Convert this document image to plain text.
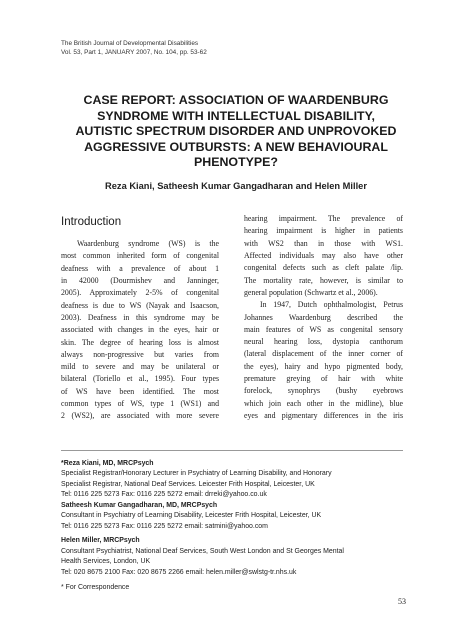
The British Journal of Developmental Disabilities
Vol. 53, Part 1, JANUARY 2007, No. 104, pp. 53-62
CASE REPORT: ASSOCIATION OF WAARDENBURG
SYNDROME WITH INTELLECTUAL DISABILITY,
AUTISTIC SPECTRUM DISORDER AND UNPROVOKED
AGGRESSIVE OUTBURSTS: A NEW BEHAVIOURAL
PHENOTYPE?
Reza Kiani, Satheesh Kumar Gangadharan and Helen Miller
Introduction
Waardenburg syndrome (WS) is the
most common inherited form of congenital
deafness with a prevalence of about 1
in 42000 (Dourmishev and Janninger,
2005). Approximately 2-5% of congenital
deafness is due to WS (Nayak and Isaacson,
2003). Deafness in this syndrome may be
associated with changes in the eyes, hair or
skin. The degree of hearing loss is almost
always non-progressive but varies from
mild to severe and may be unilateral or
bilateral (Toriello et al., 1995). Four types
of WS have been identified. The most
common types of WS, type 1 (WS1) and
2 (WS2), are associated with more severe
hearing impairment. The prevalence of
hearing impairment is higher in patients
with WS2 than in those with WS1.
Affected individuals may also have other
congenital defects such as cleft palate /lip.
The mortality rate, however, is similar to
general population (Schwartz et al., 2006).
In 1947, Dutch ophthalmologist, Petrus
Johannes Waardenburg described the
main features of WS as congenital sensory
neural hearing loss, dystopia canthorum
(lateral displacement of the inner corner of
the eyes), hairy and hypo pigmented body,
premature greying of hair with white
forelock, synophrys (bushy eyebrows
which join each other in the midline), blue
eyes and pigmentary differences in the iris
*Reza Kiani, MD, MRCPsych
Specialist Registrar/Honorary Lecturer in Psychiatry of Learning Disability, and Honorary
Specialist Registrar, National Deaf Services. Leicester Frith Hospital, Leicester, UK
Tel: 0116 225 5273 Fax: 0116 225 5272 email: drreki@yahoo.co.uk
Satheesh Kumar Gangadharan, MD, MRCPsych
Consultant in Psychiatry of Learning Disability, Leicester Frith Hospital, Leicester, UK
Tel: 0116 225 5273 Fax: 0116 225 5272 email: satmini@yahoo.com
Helen Miller, MRCPsych
Consultant Psychiatrist, National Deaf Services, South West London and St Georges Mental
Health Services, London, UK
Tel: 020 8675 2100 Fax: 020 8675 2266 email: helen.miller@swlstg-tr.nhs.uk
* For Correspondence
53
